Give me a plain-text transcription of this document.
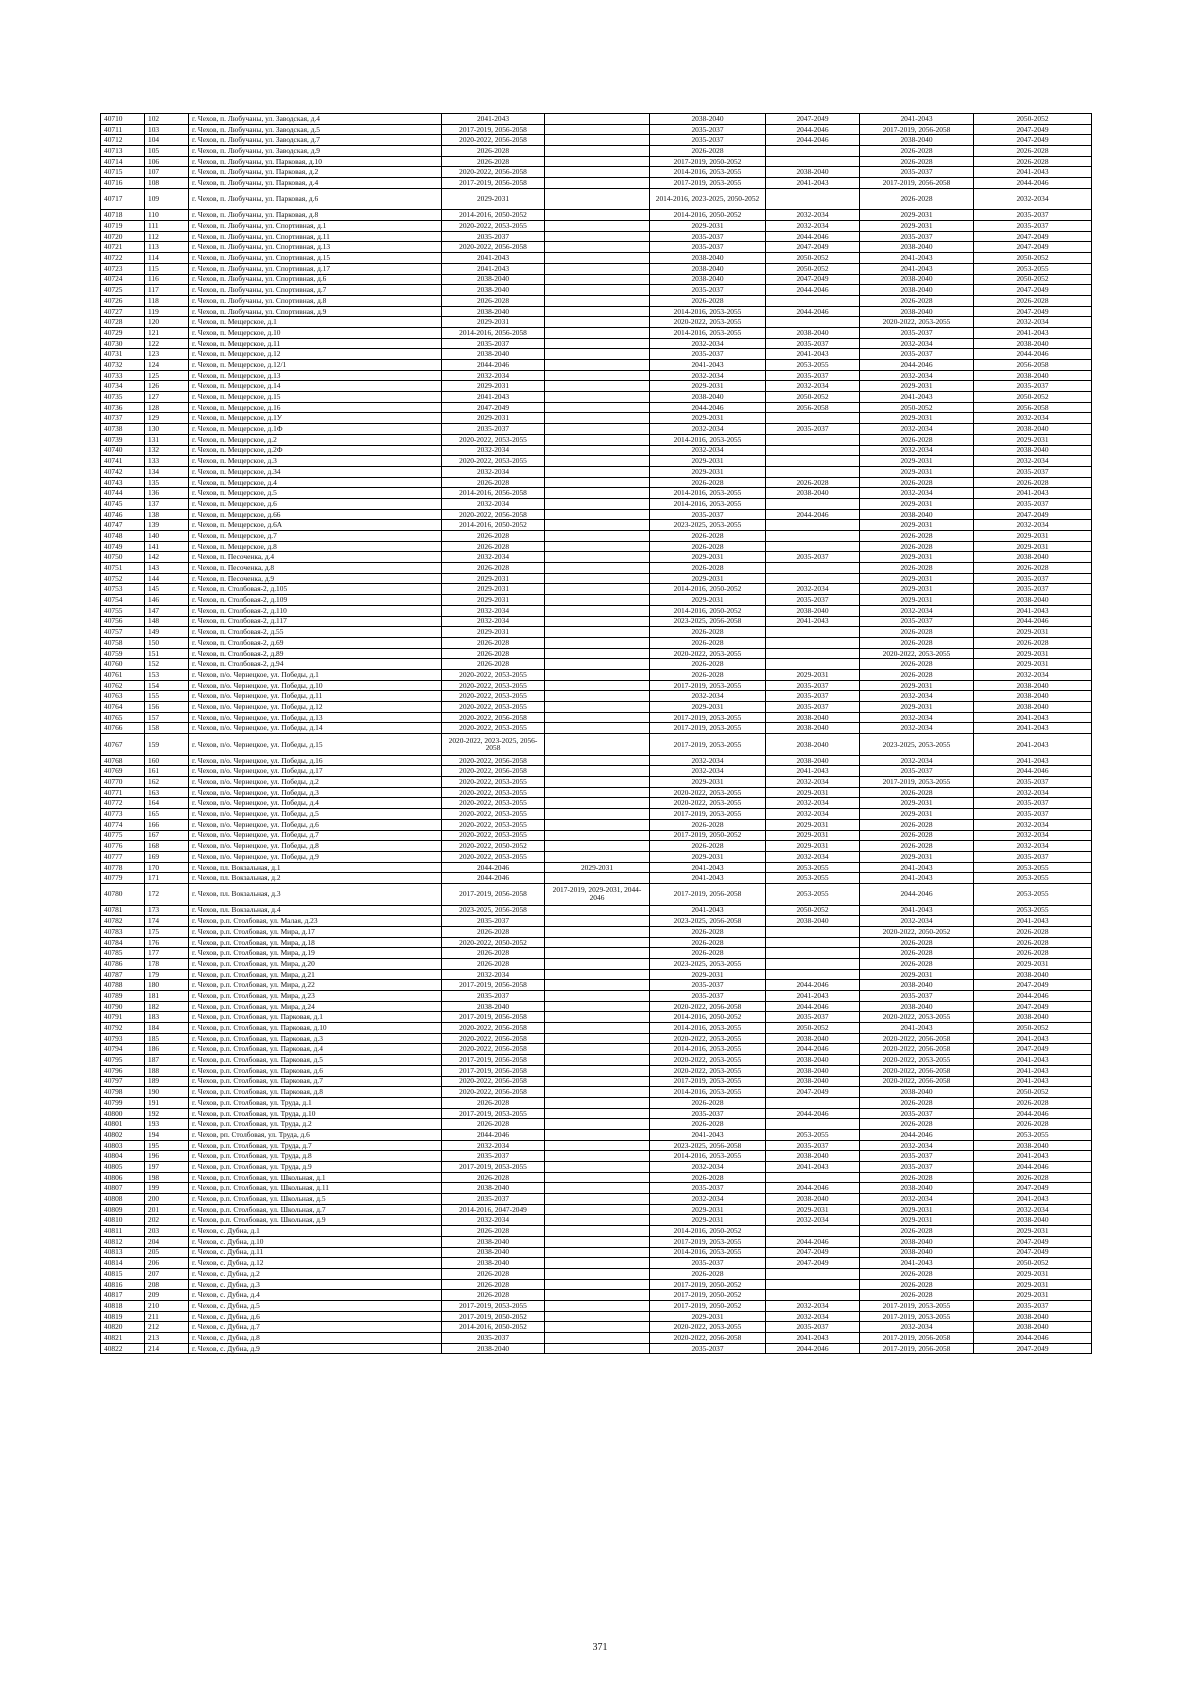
40710	102	г. Чехов, п. Любучаны, ул. Заводская, д.4	2041-2043		2038-2040	2047-2049	2041-2043	2050-2052
40711	103	г. Чехов, п. Любучаны, ул. Заводская, д.5	2017-2019, 2056-2058		2035-2037	2044-2046	2017-2019, 2056-2058	2047-2049
40712	104	г. Чехов, п. Любучаны, ул. Заводская, д.7	2020-2022, 2056-2058		2035-2037	2044-2046	2038-2040	2047-2049
40713	105	г. Чехов, п. Любучаны, ул. Заводская, д.9	2026-2028		2026-2028		2026-2028	2026-2028
40714	106	г. Чехов, п. Любучаны, ул. Парковая, д.10	2026-2028		2017-2019, 2050-2052		2026-2028	2026-2028
40715	107	г. Чехов, п. Любучаны, ул. Парковая, д.2	2020-2022, 2056-2058		2014-2016, 2053-2055	2038-2040	2035-2037	2041-2043
40716	108	г. Чехов, п. Любучаны, ул. Парковая, д.4	2017-2019, 2056-2058		2017-2019, 2053-2055	2041-2043	2017-2019, 2056-2058	2044-2046
40717	109	г. Чехов, п. Любучаны, ул. Парковая, д.6	2029-2031		2014-2016, 2023-2025, 2050-2052		2026-2028	2032-2034
40718	110	г. Чехов, п. Любучаны, ул. Парковая, д.8	2014-2016, 2050-2052		2014-2016, 2050-2052	2032-2034	2029-2031	2035-2037
40719	111	г. Чехов, п. Любучаны, ул. Спортивная, д.1	2020-2022, 2053-2055		2029-2031	2032-2034	2029-2031	2035-2037
40720	112	г. Чехов, п. Любучаны, ул. Спортивная, д.11	2035-2037		2035-2037	2044-2046	2035-2037	2047-2049
40721	113	г. Чехов, п. Любучаны, ул. Спортивная, д.13	2020-2022, 2056-2058		2035-2037	2047-2049	2038-2040	2047-2049
40722	114	г. Чехов, п. Любучаны, ул. Спортивная, д.15	2041-2043		2038-2040	2050-2052	2041-2043	2050-2052
40723	115	г. Чехов, п. Любучаны, ул. Спортивная, д.17	2041-2043		2038-2040	2050-2052	2041-2043	2053-2055
40724	116	г. Чехов, п. Любучаны, ул. Спортивная, д.6	2038-2040		2038-2040	2047-2049	2038-2040	2050-2052
40725	117	г. Чехов, п. Любучаны, ул. Спортивная, д.7	2038-2040		2035-2037	2044-2046	2038-2040	2047-2049
40726	118	г. Чехов, п. Любучаны, ул. Спортивная, д.8	2026-2028		2026-2028		2026-2028	2026-2028
40727	119	г. Чехов, п. Любучаны, ул. Спортивная, д.9	2038-2040		2014-2016, 2053-2055	2044-2046	2038-2040	2047-2049
40728	120	г. Чехов, п. Мещерское, д.1	2029-2031		2020-2022, 2053-2055		2020-2022, 2053-2055	2032-2034
40729	121	г. Чехов, п. Мещерское, д.10	2014-2016, 2056-2058		2014-2016, 2053-2055	2038-2040	2035-2037	2041-2043
40730	122	г. Чехов, п. Мещерское, д.11	2035-2037		2032-2034	2035-2037	2032-2034	2038-2040
40731	123	г. Чехов, п. Мещерское, д.12	2038-2040		2035-2037	2041-2043	2035-2037	2044-2046
40732	124	г. Чехов, п. Мещерское, д.12/1	2044-2046		2041-2043	2053-2055	2044-2046	2056-2058
40733	125	г. Чехов, п. Мещерское, д.13	2032-2034		2032-2034	2035-2037	2032-2034	2038-2040
40734	126	г. Чехов, п. Мещерское, д.14	2029-2031		2029-2031	2032-2034	2029-2031	2035-2037
40735	127	г. Чехов, п. Мещерское, д.15	2041-2043		2038-2040	2050-2052	2041-2043	2050-2052
40736	128	г. Чехов, п. Мещерское, д.16	2047-2049		2044-2046	2056-2058	2050-2052	2056-2058
40737	129	г. Чехов, п. Мещерское, д.1У	2029-2031		2029-2031		2029-2031	2032-2034
40738	130	г. Чехов, п. Мещерское, д.1Ф	2035-2037		2032-2034	2035-2037	2032-2034	2038-2040
40739	131	г. Чехов, п. Мещерское, д.2	2020-2022, 2053-2055		2014-2016, 2053-2055		2026-2028	2029-2031
40740	132	г. Чехов, п. Мещерское, д.2Ф	2032-2034		2032-2034		2032-2034	2038-2040
40741	133	г. Чехов, п. Мещерское, д.3	2020-2022, 2053-2055		2029-2031		2029-2031	2032-2034
40742	134	г. Чехов, п. Мещерское, д.34	2032-2034		2029-2031		2029-2031	2035-2037
40743	135	г. Чехов, п. Мещерское, д.4	2026-2028		2026-2028	2026-2028	2026-2028	2026-2028
40744	136	г. Чехов, п. Мещерское, д.5	2014-2016, 2056-2058		2014-2016, 2053-2055	2038-2040	2032-2034	2041-2043
40745	137	г. Чехов, п. Мещерское, д.6	2032-2034		2014-2016, 2053-2055		2029-2031	2035-2037
40746	138	г. Чехов, п. Мещерское, д.66	2020-2022, 2056-2058		2035-2037	2044-2046	2038-2040	2047-2049
40747	139	г. Чехов, п. Мещерское, д.6А	2014-2016, 2050-2052		2023-2025, 2053-2055		2029-2031	2032-2034
40748	140	г. Чехов, п. Мещерское, д.7	2026-2028		2026-2028		2026-2028	2029-2031
40749	141	г. Чехов, п. Мещерское, д.8	2026-2028		2026-2028		2026-2028	2029-2031
40750	142	г. Чехов, п. Песоченка, д.4	2032-2034		2029-2031	2035-2037	2029-2031	2038-2040
40751	143	г. Чехов, п. Песоченка, д.8	2026-2028		2026-2028		2026-2028	2026-2028
40752	144	г. Чехов, п. Песоченка, д.9	2029-2031		2029-2031		2029-2031	2035-2037
40753	145	г. Чехов, п. Столбовая-2, д.105	2029-2031		2014-2016, 2050-2052	2032-2034	2029-2031	2035-2037
40754	146	г. Чехов, п. Столбовая-2, д.109	2029-2031		2029-2031	2035-2037	2029-2031	2038-2040
40755	147	г. Чехов, п. Столбовая-2, д.110	2032-2034		2014-2016, 2050-2052	2038-2040	2032-2034	2041-2043
40756	148	г. Чехов, п. Столбовая-2, д.117	2032-2034		2023-2025, 2056-2058	2041-2043	2035-2037	2044-2046
40757	149	г. Чехов, п. Столбовая-2, д.55	2029-2031		2026-2028		2026-2028	2029-2031
40758	150	г. Чехов, п. Столбовая-2, д.69	2026-2028		2026-2028		2026-2028	2026-2028
40759	151	г. Чехов, п. Столбовая-2, д.89	2026-2028		2020-2022, 2053-2055		2020-2022, 2053-2055	2029-2031
40760	152	г. Чехов, п. Столбовая-2, д.94	2026-2028		2026-2028		2026-2028	2029-2031
40761	153	г. Чехов, п/о. Чернецкое, ул. Победы, д.1	2020-2022, 2053-2055		2026-2028	2029-2031	2026-2028	2032-2034
40762	154	г. Чехов, п/о. Чернецкое, ул. Победы, д.10	2020-2022, 2053-2055		2017-2019, 2053-2055	2035-2037	2029-2031	2038-2040
40763	155	г. Чехов, п/о. Чернецкое, ул. Победы, д.11	2020-2022, 2053-2055		2032-2034	2035-2037	2032-2034	2038-2040
40764	156	г. Чехов, п/о. Чернецкое, ул. Победы, д.12	2020-2022, 2053-2055		2029-2031	2035-2037	2029-2031	2038-2040
40765	157	г. Чехов, п/о. Чернецкое, ул. Победы, д.13	2020-2022, 2056-2058		2017-2019, 2053-2055	2038-2040	2032-2034	2041-2043
40766	158	г. Чехов, п/о. Чернецкое, ул. Победы, д.14	2020-2022, 2053-2055		2017-2019, 2053-2055	2038-2040	2032-2034	2041-2043
40767	159	г. Чехов, п/о. Чернецкое, ул. Победы, д.15	2020-2022, 2023-2025, 2056-2058		2017-2019, 2053-2055	2038-2040	2023-2025, 2053-2055	2041-2043
40768	160	г. Чехов, п/о. Чернецкое, ул. Победы, д.16	2020-2022, 2056-2058		2032-2034	2038-2040	2032-2034	2041-2043
40769	161	г. Чехов, п/о. Чернецкое, ул. Победы, д.17	2020-2022, 2056-2058		2032-2034	2041-2043	2035-2037	2044-2046
40770	162	г. Чехов, п/о. Чернецкое, ул. Победы, д.2	2020-2022, 2053-2055		2029-2031	2032-2034	2017-2019, 2053-2055	2035-2037
40771	163	г. Чехов, п/о. Чернецкое, ул. Победы, д.3	2020-2022, 2053-2055		2020-2022, 2053-2055	2029-2031	2026-2028	2032-2034
40772	164	г. Чехов, п/о. Чернецкое, ул. Победы, д.4	2020-2022, 2053-2055		2020-2022, 2053-2055	2032-2034	2029-2031	2035-2037
40773	165	г. Чехов, п/о. Чернецкое, ул. Победы, д.5	2020-2022, 2053-2055		2017-2019, 2053-2055	2032-2034	2029-2031	2035-2037
40774	166	г. Чехов, п/о. Чернецкое, ул. Победы, д.6	2020-2022, 2053-2055		2026-2028	2029-2031	2026-2028	2032-2034
40775	167	г. Чехов, п/о. Чернецкое, ул. Победы, д.7	2020-2022, 2053-2055		2017-2019, 2050-2052	2029-2031	2026-2028	2032-2034
40776	168	г. Чехов, п/о. Чернецкое, ул. Победы, д.8	2020-2022, 2050-2052		2026-2028	2029-2031	2026-2028	2032-2034
40777	169	г. Чехов, п/о. Чернецкое, ул. Победы, д.9	2020-2022, 2053-2055		2029-2031	2032-2034	2029-2031	2035-2037
40778	170	г. Чехов, пл. Вокзальная, д.1	2044-2046	2029-2031	2041-2043	2053-2055	2041-2043	2053-2055
40779	171	г. Чехов, пл. Вокзальная, д.2	2044-2046		2041-2043	2053-2055	2041-2043	2053-2055
40780	172	г. Чехов, пл. Вокзальная, д.3	2017-2019, 2056-2058	2017-2019, 2029-2031, 2044-2046	2017-2019, 2056-2058	2053-2055	2044-2046	2053-2055
40781	173	г. Чехов, пл. Вокзальная, д.4	2023-2025, 2056-2058		2041-2043	2050-2052	2041-2043	2053-2055
40782	174	г. Чехов, р.п. Столбовая, ул. Малая, д.23	2035-2037		2023-2025, 2056-2058	2038-2040	2032-2034	2041-2043
40783	175	г. Чехов, р.п. Столбовая, ул. Мира, д.17	2026-2028		2026-2028		2020-2022, 2050-2052	2026-2028
40784	176	г. Чехов, р.п. Столбовая, ул. Мира, д.18	2020-2022, 2050-2052		2026-2028		2026-2028	2026-2028
40785	177	г. Чехов, р.п. Столбовая, ул. Мира, д.19	2026-2028		2026-2028		2026-2028	2026-2028
40786	178	г. Чехов, р.п. Столбовая, ул. Мира, д.20	2026-2028		2023-2025, 2053-2055		2026-2028	2029-2031
40787	179	г. Чехов, р.п. Столбовая, ул. Мира, д.21	2032-2034		2029-2031		2029-2031	2038-2040
40788	180	г. Чехов, р.п. Столбовая, ул. Мира, д.22	2017-2019, 2056-2058		2035-2037	2044-2046	2038-2040	2047-2049
40789	181	г. Чехов, р.п. Столбовая, ул. Мира, д.23	2035-2037		2035-2037	2041-2043	2035-2037	2044-2046
40790	182	г. Чехов, р.п. Столбовая, ул. Мира, д.24	2038-2040		2020-2022, 2056-2058	2044-2046	2038-2040	2047-2049
40791	183	г. Чехов, р.п. Столбовая, ул. Парковая, д.1	2017-2019, 2056-2058		2014-2016, 2050-2052	2035-2037	2020-2022, 2053-2055	2038-2040
40792	184	г. Чехов, р.п. Столбовая, ул. Парковая, д.10	2020-2022, 2056-2058		2014-2016, 2053-2055	2050-2052	2041-2043	2050-2052
40793	185	г. Чехов, р.п. Столбовая, ул. Парковая, д.3	2020-2022, 2056-2058		2020-2022, 2053-2055	2038-2040	2020-2022, 2056-2058	2041-2043
40794	186	г. Чехов, р.п. Столбовая, ул. Парковая, д.4	2020-2022, 2056-2058		2014-2016, 2053-2055	2044-2046	2020-2022, 2056-2058	2047-2049
40795	187	г. Чехов, р.п. Столбовая, ул. Парковая, д.5	2017-2019, 2056-2058		2020-2022, 2053-2055	2038-2040	2020-2022, 2053-2055	2041-2043
40796	188	г. Чехов, р.п. Столбовая, ул. Парковая, д.6	2017-2019, 2056-2058		2020-2022, 2053-2055	2038-2040	2020-2022, 2056-2058	2041-2043
40797	189	г. Чехов, р.п. Столбовая, ул. Парковая, д.7	2020-2022, 2056-2058		2017-2019, 2053-2055	2038-2040	2020-2022, 2056-2058	2041-2043
40798	190	г. Чехов, р.п. Столбовая, ул. Парковая, д.8	2020-2022, 2056-2058		2014-2016, 2053-2055	2047-2049	2038-2040	2050-2052
40799	191	г. Чехов, р.п. Столбовая, ул. Труда, д.1	2026-2028		2026-2028		2026-2028	2026-2028
40800	192	г. Чехов, р.п. Столбовая, ул. Труда, д.10	2017-2019, 2053-2055		2035-2037	2044-2046	2035-2037	2044-2046
40801	193	г. Чехов, р.п. Столбовая, ул. Труда, д.2	2026-2028		2026-2028		2026-2028	2026-2028
40802	194	г. Чехов, рп. Столбовая, ул. Труда, д.6	2044-2046		2041-2043	2053-2055	2044-2046	2053-2055
40803	195	г. Чехов, р.п. Столбовая, ул. Труда, д.7	2032-2034		2023-2025, 2056-2058	2035-2037	2032-2034	2038-2040
40804	196	г. Чехов, р.п. Столбовая, ул. Труда, д.8	2035-2037		2014-2016, 2053-2055	2038-2040	2035-2037	2041-2043
40805	197	г. Чехов, р.п. Столбовая, ул. Труда, д.9	2017-2019, 2053-2055		2032-2034	2041-2043	2035-2037	2044-2046
40806	198	г. Чехов, р.п. Столбовая, ул. Школьная, д.1	2026-2028		2026-2028		2026-2028	2026-2028
40807	199	г. Чехов, р.п. Столбовая, ул. Школьная, д.11	2038-2040		2035-2037	2044-2046	2038-2040	2047-2049
40808	200	г. Чехов, р.п. Столбовая, ул. Школьная, д.5	2035-2037		2032-2034	2038-2040	2032-2034	2041-2043
40809	201	г. Чехов, р.п. Столбовая, ул. Школьная, д.7	2014-2016, 2047-2049		2029-2031	2029-2031	2029-2031	2032-2034
40810	202	г. Чехов, р.п. Столбовая, ул. Школьная, д.9	2032-2034		2029-2031	2032-2034	2029-2031	2038-2040
40811	203	г. Чехов, с. Дубна, д.1	2026-2028		2014-2016, 2050-2052		2026-2028	2029-2031
40812	204	г. Чехов, с. Дубна, д.10	2038-2040		2017-2019, 2053-2055	2044-2046	2038-2040	2047-2049
40813	205	г. Чехов, с. Дубна, д.11	2038-2040		2014-2016, 2053-2055	2047-2049	2038-2040	2047-2049
40814	206	г. Чехов, с. Дубна, д.12	2038-2040		2035-2037	2047-2049	2041-2043	2050-2052
40815	207	г. Чехов, с. Дубна, д.2	2026-2028		2026-2028		2026-2028	2029-2031
40816	208	г. Чехов, с. Дубна, д.3	2026-2028		2017-2019, 2050-2052		2026-2028	2029-2031
40817	209	г. Чехов, с. Дубна, д.4	2026-2028		2017-2019, 2050-2052		2026-2028	2029-2031
40818	210	г. Чехов, с. Дубна, д.5	2017-2019, 2053-2055		2017-2019, 2050-2052	2032-2034	2017-2019, 2053-2055	2035-2037
40819	211	г. Чехов, с. Дубна, д.6	2017-2019, 2050-2052		2029-2031	2032-2034	2017-2019, 2053-2055	2038-2040
40820	212	г. Чехов, с. Дубна, д.7	2014-2016, 2050-2052		2020-2022, 2053-2055	2035-2037	2032-2034	2038-2040
40821	213	г. Чехов, с. Дубна, д.8	2035-2037		2020-2022, 2056-2058	2041-2043	2017-2019, 2056-2058	2044-2046
40822	214	г. Чехов, с. Дубна, д.9	2038-2040		2035-2037	2044-2046	2017-2019, 2056-2058	2047-2049
371
